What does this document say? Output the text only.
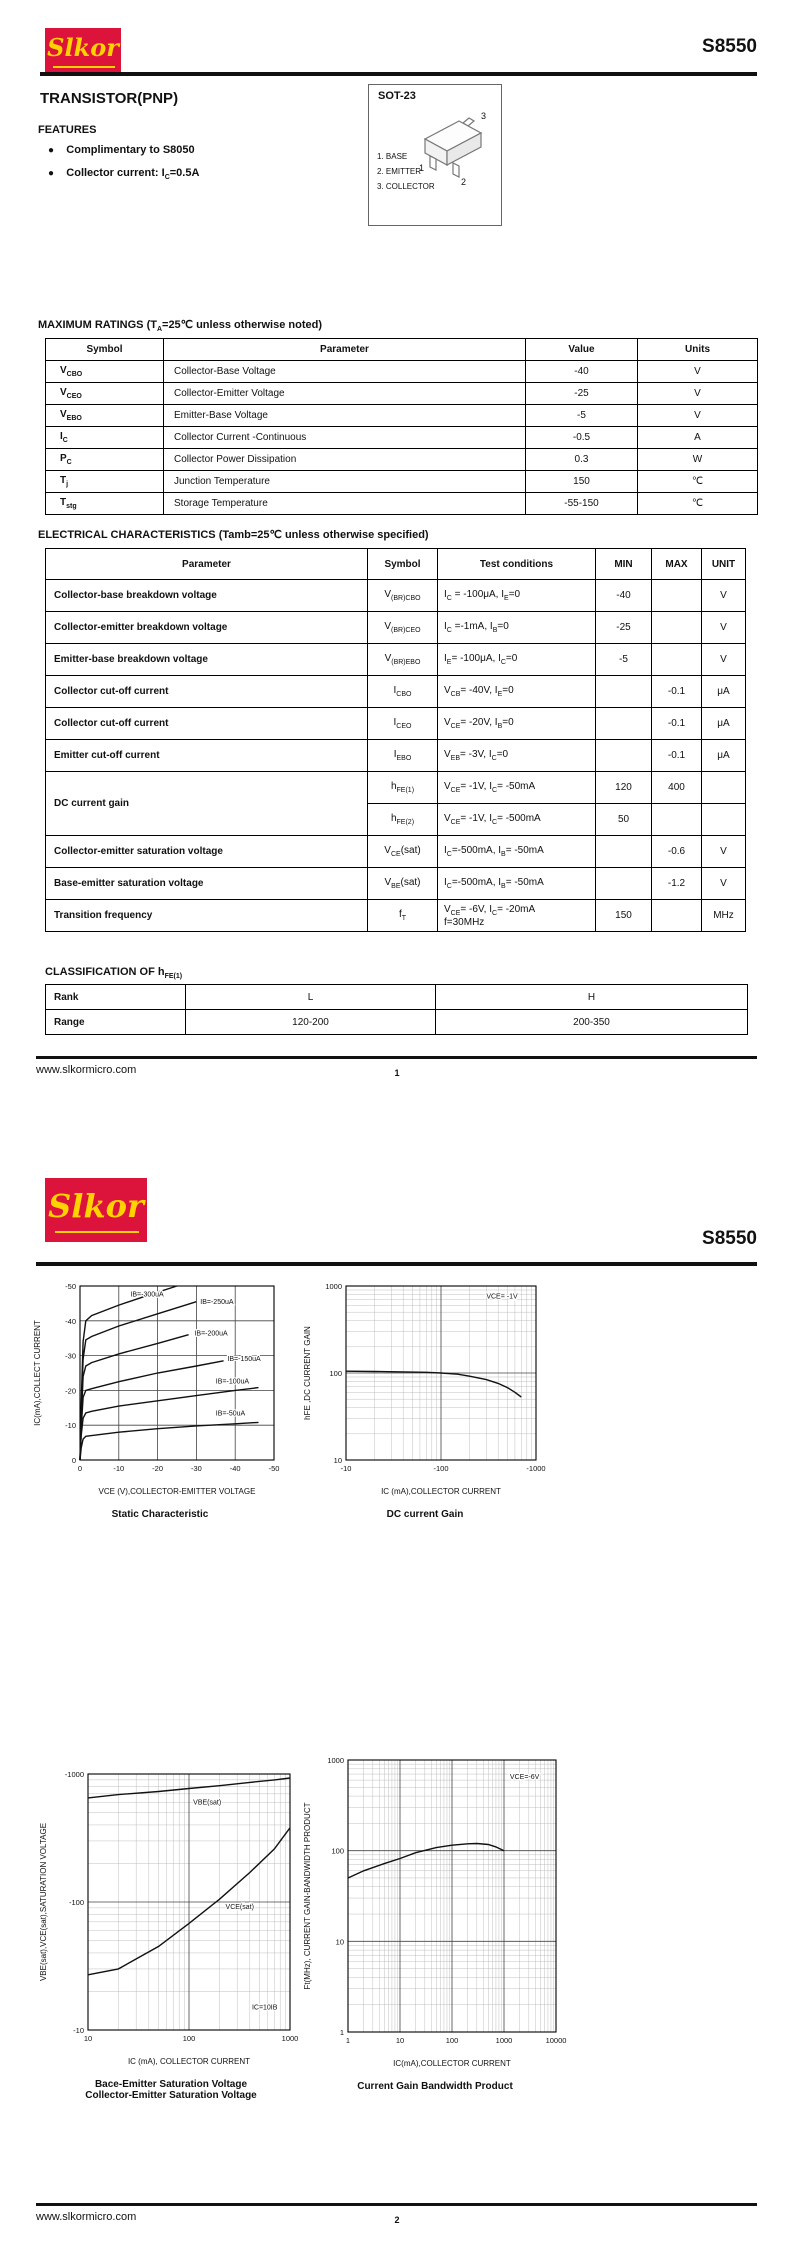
Slkor	S8550
TRANSISTOR(PNP)
FEATURES
● Complimentary to S8050
● Collector current: $I_C=0.5A$
SOT-23
3
1
2
1. BASE
2. EMITTER
3. COLLECTOR
MAXIMUM RATINGS ($T_A=25℃$ unless otherwise noted)
Symbol	Parameter	Value	Units
$V_{CBO}$	Collector-Base Voltage	-40	V
$V_{CEO}$	Collector-Emitter Voltage	-25	V
$V_{EBO}$	Emitter-Base Voltage	-5	V
$I_C$	Collector Current -Continuous	-0.5	A
$P_C$	Collector Power Dissipation	0.3	W
$T_j$	Junction Temperature	150	℃
$T_{stg}$	Storage Temperature	-55-150	℃
ELECTRICAL CHARACTERISTICS (Tamb=25℃ unless otherwise specified)
Parameter	Symbol	Test conditions	MIN	MAX	UNIT
Collector-base breakdown voltage	$V_{(BR)CBO}$	$I_C = -100\mu A$, $I_E=0$	-40		V
Collector-emitter breakdown voltage	$V_{(BR)CEO}$	$I_C =-1mA$, $I_B=0$	-25		V
Emitter-base breakdown voltage	$V_{(BR)EBO}$	$I_E= -100\mu A$, $I_C=0$	-5		V
Collector cut-off current	$I_{CBO}$	$V_{CB}= -40V$, $I_E=0$		-0.1	μA
Collector cut-off current	$I_{CEO}$	$V_{CE}= -20V$, $I_B=0$		-0.1	μA
Emitter cut-off current	$I_{EBO}$	$V_{EB}= -3V$, $I_C=0$		-0.1	μA
DC current gain	$h_{FE(1)}$	$V_{CE}= -1V$, $I_C= -50mA$	120	400	
	$h_{FE(2)}$	$V_{CE}= -1V$, $I_C= -500mA$	50		
Collector-emitter saturation voltage	$V_{CE}(sat)$	$I_C=-500mA$, $I_B= -50mA$		-0.6	V
Base-emitter saturation voltage	$V_{BE}(sat)$	$I_C=-500mA$, $I_B= -50mA$		-1.2	V
Transition frequency	$f_T$	$V_{CE}= -6V$, $I_C= -20mA$
f=30MHz	150		MHz
CLASSIFICATION OF $h_{FE(1)}$
Rank	L	H
Range	120-200	200-350
www.slkormicro.com	1
Slkor
S8550
0	-10	-20	-30	-40	-50
0
-10
-20
-30
-40
-50
IB=-300uA
IB=-250uA
IB=-200uA
IB=-150uA
IB=-100uA
IB=-50uA
VCE (V),COLLECTOR-EMITTER VOLTAGE
IC(mA),COLLECT CURRENT
Static Characteristic
-10	-100	-1000
10
100
1000
VCE= -1V
IC (mA),COLLECTOR CURRENT
hFE ,DC CURRENT GAIN
DC current Gain
10	100	1000
-10
-100
-1000
VBE(sat)
VCE(sat)
IC=10IB
IC (mA), COLLECTOR CURRENT
VBE(sat),VCE(sat),SATURATION VOLTAGE
Bace-Emitter Saturation Voltage
Collector-Emitter Saturation Voltage
1	10	100	1000	10000
1
10
100
1000
VCE=-6V
IC(mA),COLLECTOR CURRENT
Ft(MHz), CURRENT GAIN-BANDWIDTH PRODUCT
Current Gain Bandwidth Product
www.slkormicro.com	2
